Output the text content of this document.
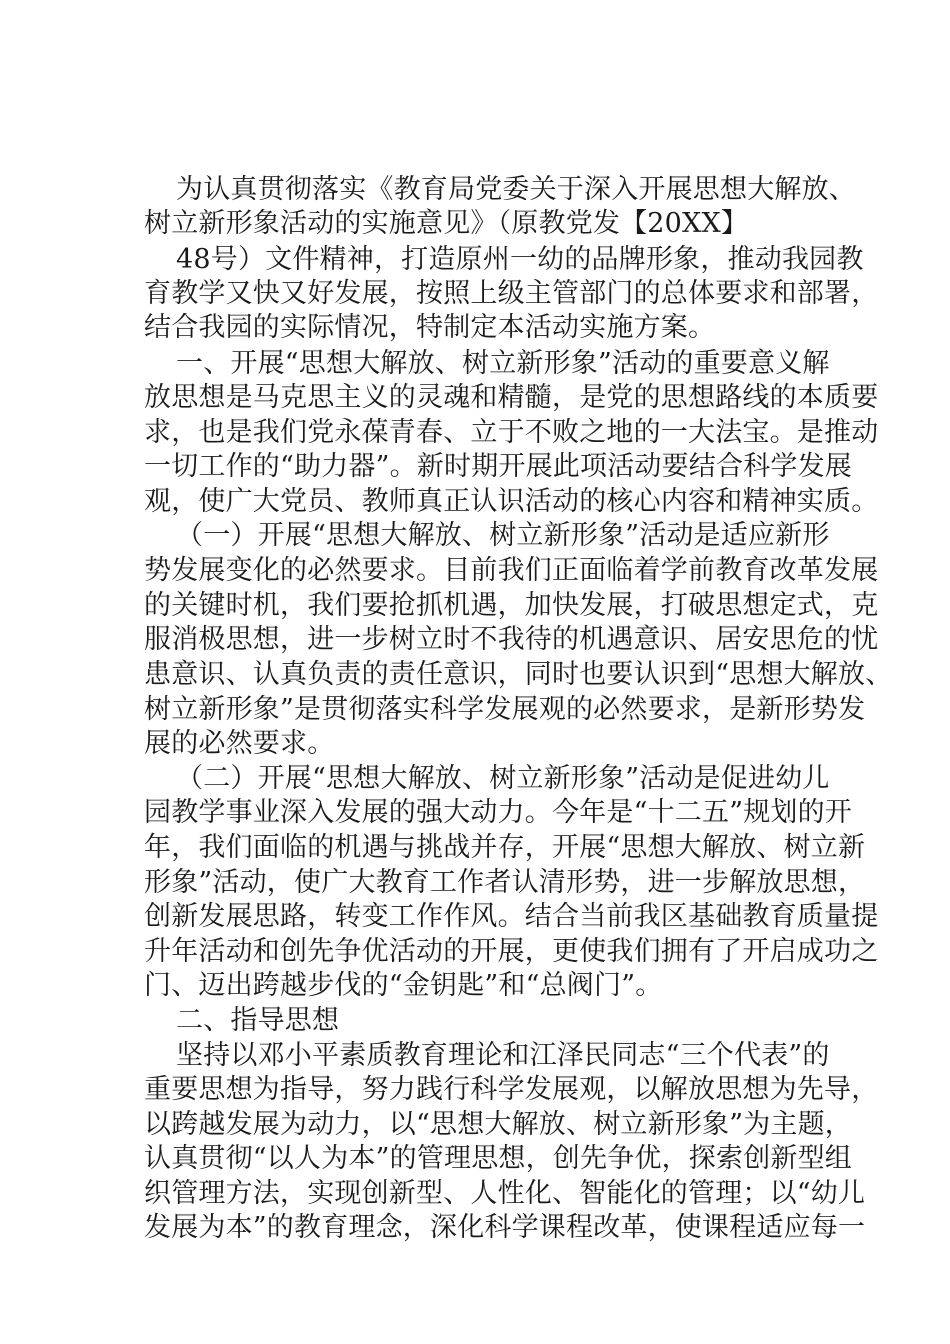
为认真贯彻落实《教育局党委关于深入开展思想大解放、
树立新形象活动的实施意见》（原教党发【20XX】
48号）文件精神，打造原州一幼的品牌形象，推动我园教
育教学又快又好发展，按照上级主管部门的总体要求和部署，
结合我园的实际情况，特制定本活动实施方案。
一、开展“思想大解放、树立新形象”活动的重要意义解
放思想是马克思主义的灵魂和精髓，是党的思想路线的本质要
求，也是我们党永葆青春、立于不败之地的一大法宝。是推动
一切工作的“助力器”。新时期开展此项活动要结合科学发展
观，使广大党员、教师真正认识活动的核心内容和精神实质。
（一）开展“思想大解放、树立新形象”活动是适应新形
势发展变化的必然要求。目前我们正面临着学前教育改革发展
的关键时机，我们要抢抓机遇，加快发展，打破思想定式，克
服消极思想，进一步树立时不我待的机遇意识、居安思危的忧
患意识、认真负责的责任意识，同时也要认识到“思想大解放、
树立新形象”是贯彻落实科学发展观的必然要求，是新形势发
展的必然要求。
（二）开展“思想大解放、树立新形象”活动是促进幼儿
园教学事业深入发展的强大动力。今年是“十二五”规划的开
年，我们面临的机遇与挑战并存，开展“思想大解放、树立新
形象”活动，使广大教育工作者认清形势，进一步解放思想，
创新发展思路，转变工作作风。结合当前我区基础教育质量提
升年活动和创先争优活动的开展，更使我们拥有了开启成功之
门、迈出跨越步伐的“金钥匙”和“总阀门”。
二、指导思想
坚持以邓小平素质教育理论和江泽民同志“三个代表”的
重要思想为指导，努力践行科学发展观，以解放思想为先导，
以跨越发展为动力，以“思想大解放、树立新形象”为主题，
认真贯彻“以人为本”的管理思想，创先争优，探索创新型组
织管理方法，实现创新型、人性化、智能化的管理；以“幼儿
发展为本”的教育理念，深化科学课程改革，使课程适应每一
